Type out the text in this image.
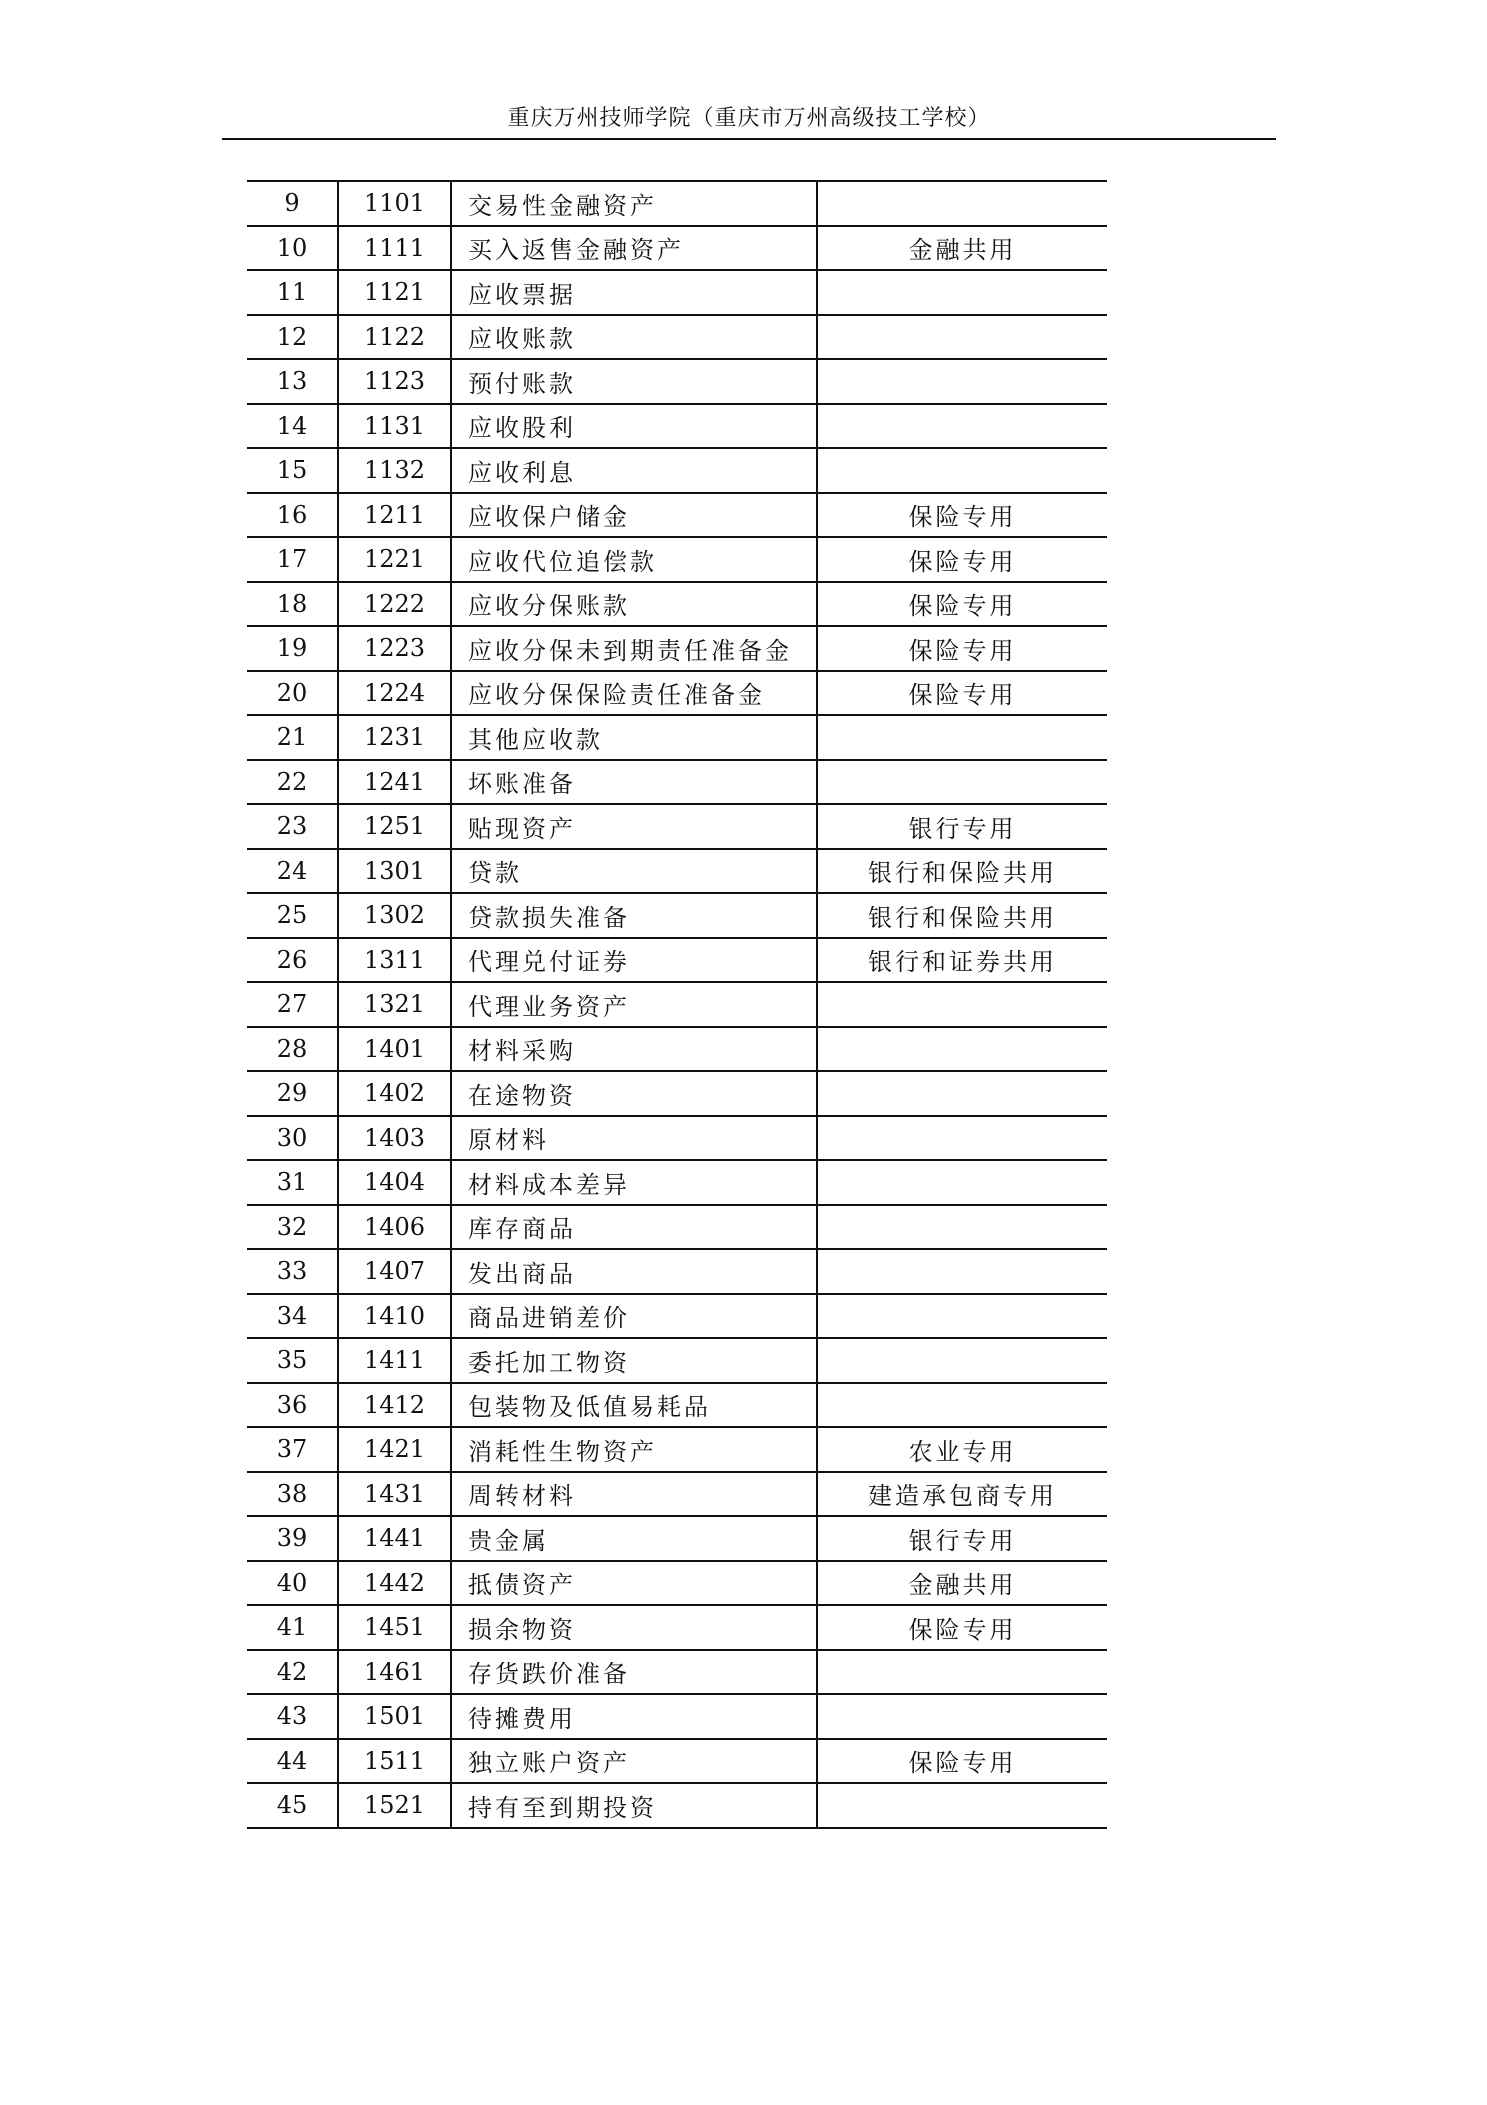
重庆万州技师学院（重庆市万州高级技工学校）
9	1101	交易性金融资产
10	1111	买入返售金融资产	金融共用
11	1121	应收票据
12	1122	应收账款
13	1123	预付账款
14	1131	应收股利
15	1132	应收利息
16	1211	应收保户储金	保险专用
17	1221	应收代位追偿款	保险专用
18	1222	应收分保账款	保险专用
19	1223	应收分保未到期责任准备金	保险专用
20	1224	应收分保保险责任准备金	保险专用
21	1231	其他应收款
22	1241	坏账准备
23	1251	贴现资产	银行专用
24	1301	贷款	银行和保险共用
25	1302	贷款损失准备	银行和保险共用
26	1311	代理兑付证券	银行和证券共用
27	1321	代理业务资产
28	1401	材料采购
29	1402	在途物资
30	1403	原材料
31	1404	材料成本差异
32	1406	库存商品
33	1407	发出商品
34	1410	商品进销差价
35	1411	委托加工物资
36	1412	包装物及低值易耗品
37	1421	消耗性生物资产	农业专用
38	1431	周转材料	建造承包商专用
39	1441	贵金属	银行专用
40	1442	抵债资产	金融共用
41	1451	损余物资	保险专用
42	1461	存货跌价准备
43	1501	待摊费用
44	1511	独立账户资产	保险专用
45	1521	持有至到期投资
